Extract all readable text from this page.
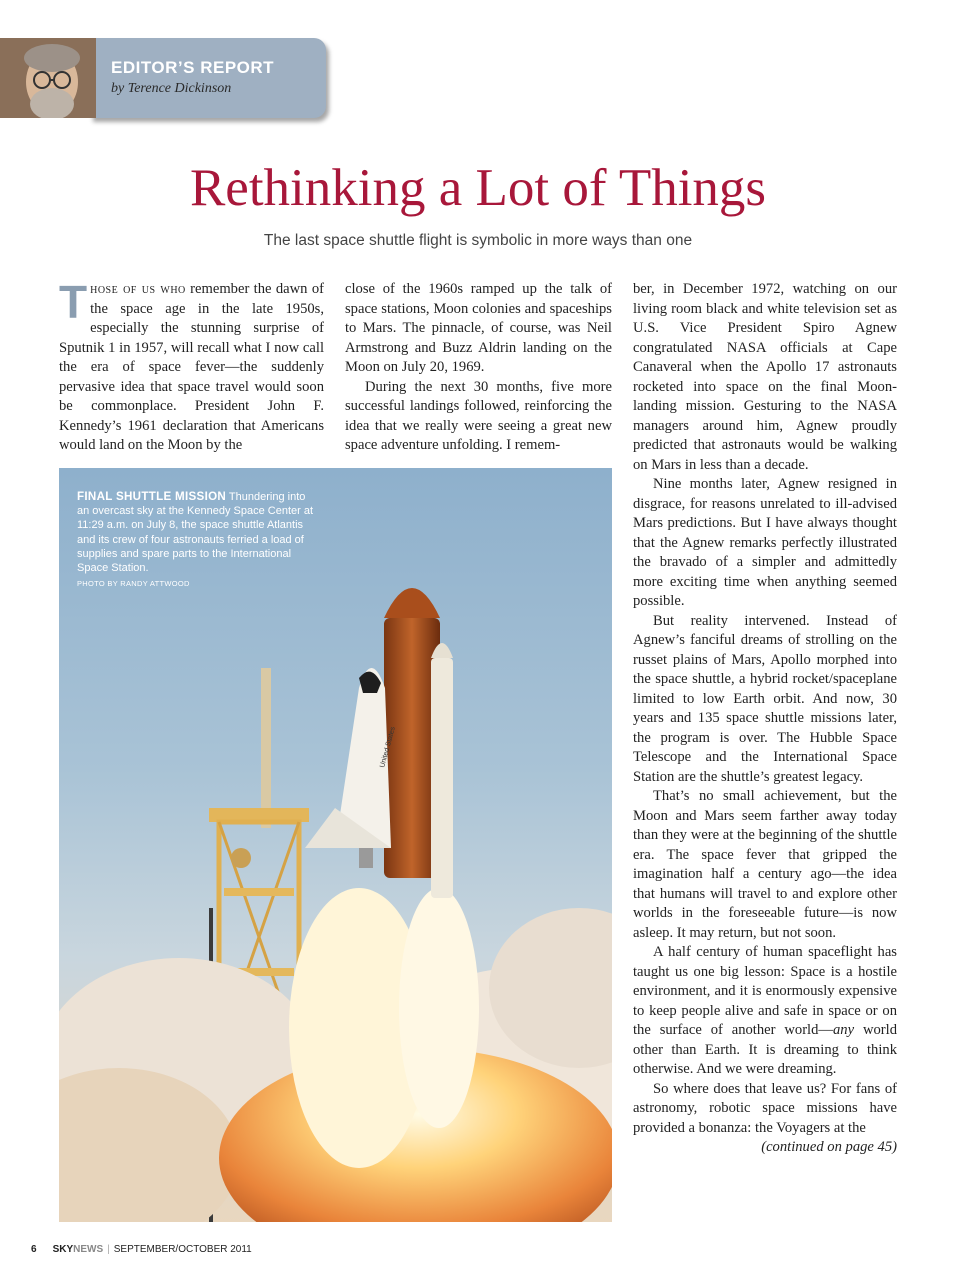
EDITOR’S REPORT
by Terence Dickinson
Rethinking a Lot of Things
The last space shuttle flight is symbolic in more ways than one

Those of us who remember the dawn of the space age in the late 1950s, especially the stunning surprise of Sputnik 1 in 1957, will recall what I now call the era of space fever—the suddenly pervasive idea that space travel would soon be commonplace. President John F. Kennedy’s 1961 declaration that Americans would land on the Moon by the

close of the 1960s ramped up the talk of space stations, Moon colonies and spaceships to Mars. The pinnacle, of course, was Neil Armstrong and Buzz Aldrin landing on the Moon on July 20, 1969.

During the next 30 months, five more successful landings followed, reinforcing the idea that we really were seeing a great new space adventure unfolding. I remem-

ber, in December 1972, watching on our living room black and white television set as U.S. Vice President Spiro Agnew congratulated NASA officials at Cape Canaveral when the Apollo 17 astronauts rocketed into space on the final Moon-landing mission. Gesturing to the NASA managers around him, Agnew proudly predicted that astronauts would be walking on Mars in less than a decade.

Nine months later, Agnew resigned in disgrace, for reasons unrelated to ill-advised Mars predictions. But I have always thought that the Agnew remarks perfectly illustrated the bravado of a simpler and admittedly more exciting time when anything seemed possible.

But reality intervened. Instead of Agnew’s fanciful dreams of strolling on the russet plains of Mars, Apollo morphed into the space shuttle, a hybrid rocket/spaceplane limited to low Earth orbit. And now, 30 years and 135 space shuttle missions later, the program is over. The Hubble Space Telescope and the International Space Station are the shuttle’s greatest legacy.

That’s no small achievement, but the Moon and Mars seem farther away today than they were at the beginning of the shuttle era. The space fever that gripped the imagination half a century ago—the idea that humans will travel to and explore other worlds in the foreseeable future—is now asleep. It may return, but not soon.

A half century of human spaceflight has taught us one big lesson: Space is a hostile environment, and it is enormously expensive to keep people alive and safe in space or on the surface of another world—any world other than Earth. It is dreaming to think otherwise. And we were dreaming.

So where does that leave us? For fans of astronomy, robotic space missions have provided a bonanza: the Voyagers at the

(continued on page 45)
United States
FINAL SHUTTLE MISSION Thundering into an overcast sky at the Kennedy Space Center at 11:29 a.m. on July 8, the space shuttle Atlantis and its crew of four astronauts ferried a load of supplies and spare parts to the International Space Station.
PHOTO BY RANDY ATTWOOD
6 SKYNEWS | SEPTEMBER/OCTOBER 2011
